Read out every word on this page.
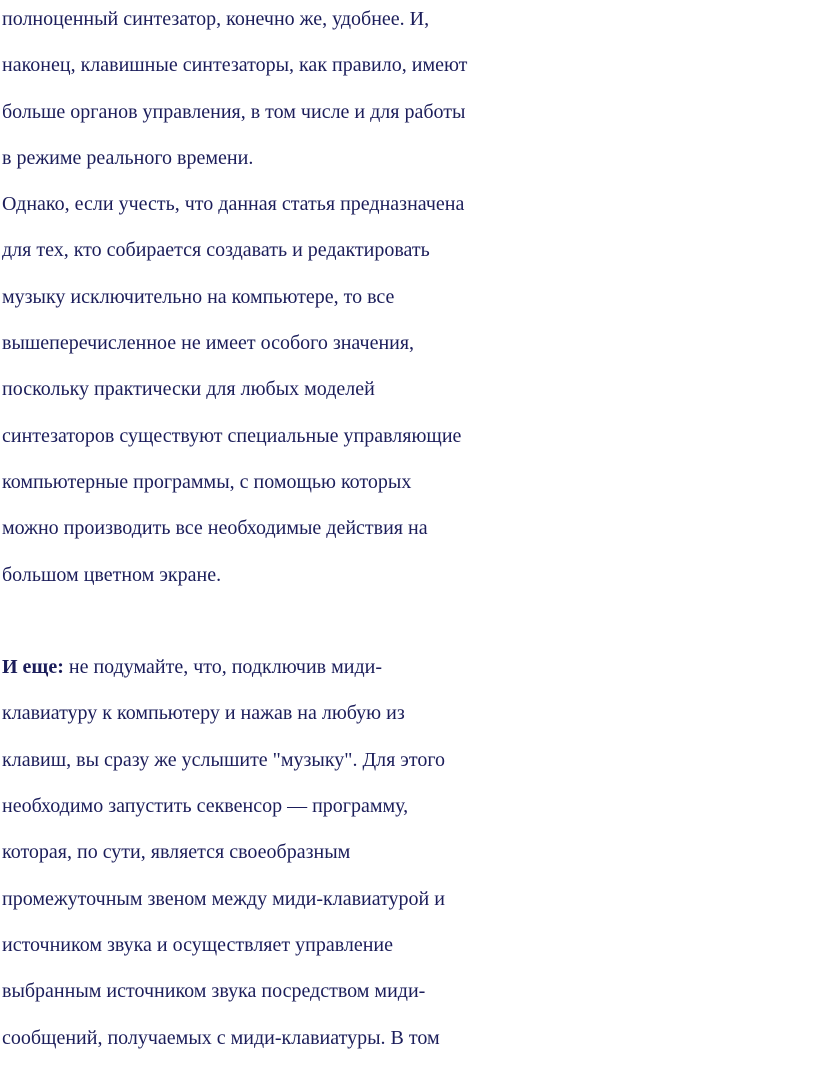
полноценный синтезатор, конечно же, удобнее. И,
наконец, клавишные синтезаторы, как правило, имеют
больше органов управления, в том числе и для работы
в режиме реального времени.

Однако, если учесть, что данная статья предназначена
для тех, кто собирается создавать и редактировать
музыку исключительно на компьютере, то все
вышеперечисленное не имеет особого значения,
поскольку практически для любых моделей
синтезаторов существуют специальные управляющие
компьютерные программы, с помощью которых
можно производить все необходимые действия на
большом цветном экране.

И еще: не подумайте, что, подключив миди-
клавиатуру к компьютеру и нажав на любую из
клавиш, вы сразу же услышите "музыку". Для этого
необходимо запустить секвенсор — программу,
которая, по сути, является своеобразным
промежуточным звеном между миди-клавиатурой и
источником звука и осуществляет управление
выбранным источником звука посредством миди-
сообщений, получаемых с миди-клавиатуры. В том
